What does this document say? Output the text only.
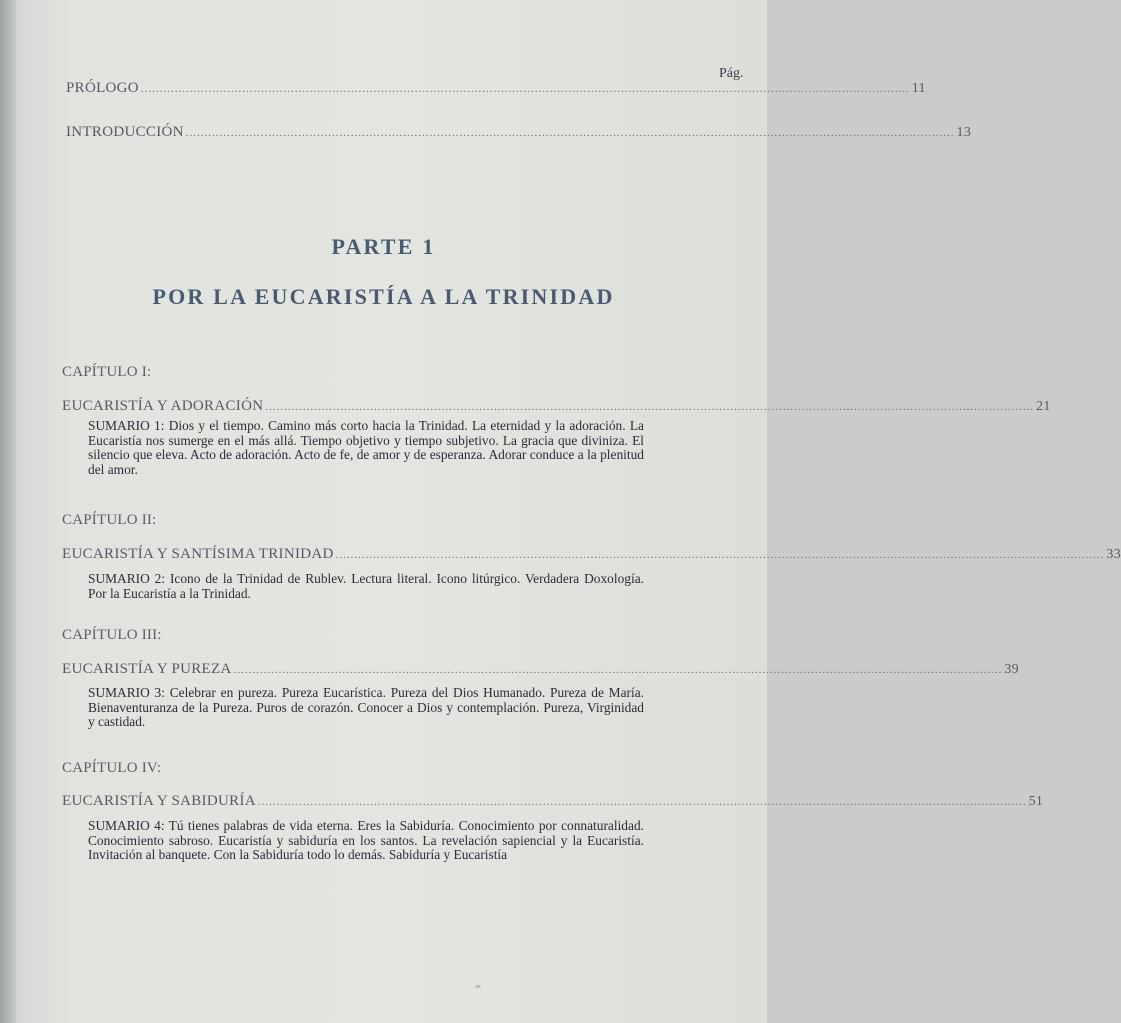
Pág.
PRÓLOGO ............................................................................................................................................................................................................. 11
INTRODUCCIÓN ............................................................................................................................................................................................................. 13
PARTE 1
POR LA EUCARISTÍA A LA TRINIDAD
CAPÍTULO I:
EUCARISTÍA Y ADORACIÓN ............................................................................................................................................................................................................. 21
SUMARIO 1: Dios y el tiempo. Camino más corto hacia la Trinidad. La eternidad y la adoración. La Eucaristía nos sumerge en el más allá. Tiempo objetivo y tiempo subjetivo. La gracia que diviniza. El silencio que eleva. Acto de adoración. Acto de fe, de amor y de esperanza. Adorar conduce a la plenitud del amor.
CAPÍTULO II:
EUCARISTÍA Y SANTÍSIMA TRINIDAD ............................................................................................................................................................................................................. 33
SUMARIO 2: Icono de la Trinidad de Rublev. Lectura literal. Icono litúrgico. Verdadera Doxología. Por la Eucaristía a la Trinidad.
CAPÍTULO III:
EUCARISTÍA Y PUREZA ............................................................................................................................................................................................................. 39
SUMARIO 3: Celebrar en pureza. Pureza Eucarística. Pureza del Dios Humanado. Pureza de María. Bienaventuranza de la Pureza. Puros de corazón. Conocer a Dios y contemplación. Pureza, Virginidad y castidad.
CAPÍTULO IV:
EUCARISTÍA Y SABIDURÍA ............................................................................................................................................................................................................. 51
SUMARIO 4: Tú tienes palabras de vida eterna. Eres la Sabiduría. Conocimiento por connaturalidad. Conocimiento sabroso. Eucaristía y sabiduría en los santos. La revelación sapiencial y la Eucaristía. Invitación al banquete. Con la Sabiduría todo lo demás. Sabiduría y Eucaristía
